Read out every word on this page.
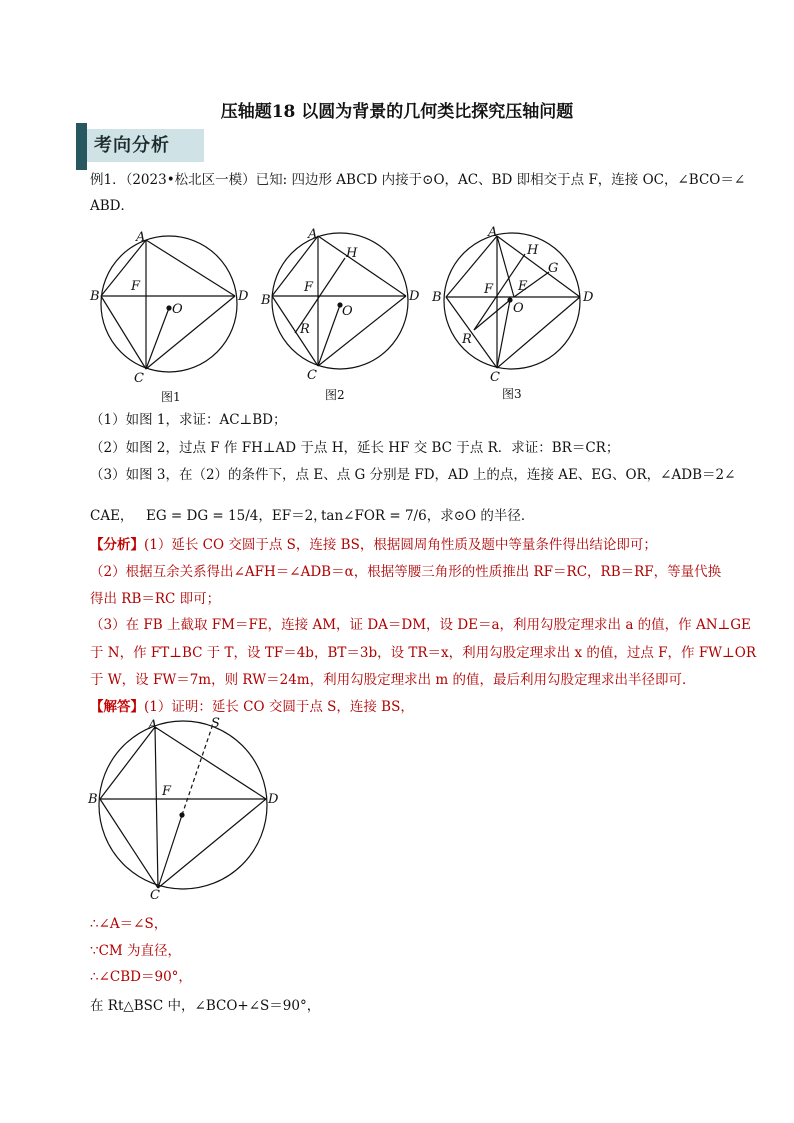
压轴题18 以圆为背景的几何类比探究压轴问题
考向分析
例1．（2023•松北区一模）已知: 四边形 ABCD 内接于⊙O，AC、BD 即相交于点 F，连接 OC，∠BCO＝∠
ABD．
A
B
F
O
D
C
A
H
B
F
O
D
R
C
A
H
G
B
F E
O
D
R
C
图1	图2	图3
（1）如图 1，求证：AC⊥BD；
（2）如图 2，过点 F 作 FH⊥AD 于点 H，延长 HF 交 BC 于点 R．求证：BR＝CR；
（3）如图 3，在（2）的条件下，点 E、点 G 分别是 FD，AD 上的点，连接 AE、EG、OR，∠ADB＝2∠
CAE， EG = DG = 15/4，EF＝2，
tan∠FOR = 7/6，求⊙O 的半径．
【分析】(1）延长 CO 交圆于点 S，连接 BS，根据圆周角性质及题中等量条件得出结论即可；
（2）根据互余关系得出∠AFH＝∠ADB＝α，根据等腰三角形的性质推出 RF＝RC，RB＝RF，等量代换
得出 RB＝RC 即可；
（3）在 FB 上截取 FM＝FE，连接 AM，证 DA＝DM，设 DE＝a，利用勾股定理求出 a 的值，作 AN⊥GE
于 N，作 FT⊥BC 于 T，设 TF＝4b，BT＝3b，设 TR＝x，利用勾股定理求出 x 的值，过点 F，作 FW⊥OR
于 W，设 FW＝7m，则 RW＝24m，利用勾股定理求出 m 的值，最后利用勾股定理求出半径即可．
【解答】(1）证明：延长 CO 交圆于点 S，连接 BS，
A	S
B
F
D
C
∴∠A＝∠S，
∵CM 为直径，
∴∠CBD＝90°，
在 Rt△BSC 中，∠BCO+∠S＝90°，
